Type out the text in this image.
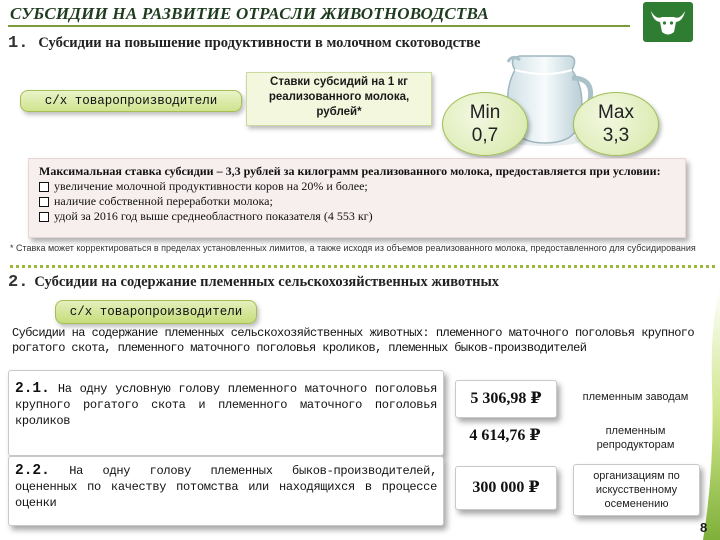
СУБСИДИИ НА РАЗВИТИЕ ОТРАСЛИ ЖИВОТНОВОДСТВА
1. Субсидии на повышение продуктивности в молочном скотоводстве
с/х товаропроизводители
Ставки субсидий на 1 кг реализованного молока, рублей*	Min
0,7
Max
3,3
Максимальная ставка субсидии – 3,3 рублей за килограмм реализованного молока, предоставляется при условии:
увеличение молочной продуктивности коров на 20% и более;
наличие собственной переработки молока;
удой за 2016 год выше среднеобластного показателя (4 553 кг)
* Ставка может корректироваться в пределах установленных лимитов, а также исходя из объемов реализованного молока, предоставленного для субсидирования
2. Субсидии на содержание племенных сельскохозяйственных животных
с/х товаропроизводители
Субсидии на содержание племенных сельскохозяйственных животных: племенного маточного поголовья крупного рогатого скота, племенного маточного поголовья кроликов, племенных быков-производителей
2.1. На одну условную голову племенного маточного поголовья крупного рогатого скота и племенного маточного поголовья кроликов
2.2. На одну голову племенных быков-производителей, оцененных по качеству потомства или находящихся в процессе оценки
5 306,98 ₽
4 614,76 ₽
300 000 ₽
племенным заводам
племенным репродукторам
организациям по искусственному осеменению
8
